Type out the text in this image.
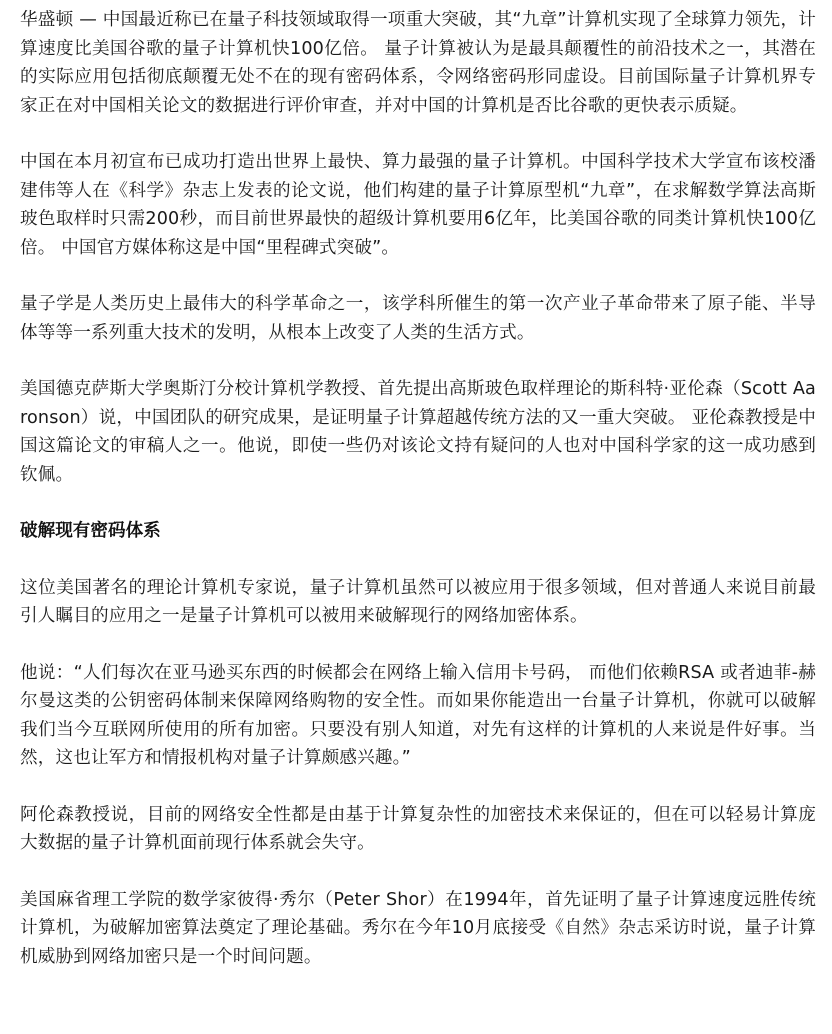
华盛顿 — 中国最近称已在量子科技领域取得一项重大突破，其“九章”计算机实现了全球算力领先，计算速度比美国谷歌的量子计算机快100亿倍。 量子计算被认为是最具颠覆性的前沿技术之一，其潜在的实际应用包括彻底颠覆无处不在的现有密码体系，令网络密码形同虚设。目前国际量子计算机界专家正在对中国相关论文的数据进行评价审查，并对中国的计算机是否比谷歌的更快表示质疑。

中国在本月初宣布已成功打造出世界上最快、算力最强的量子计算机。中国科学技术大学宣布该校潘建伟等人在《科学》杂志上发表的论文说，他们构建的量子计算原型机“九章”，在求解数学算法高斯玻色取样时只需200秒，而目前世界最快的超级计算机要用6亿年，比美国谷歌的同类计算机快100亿倍。 中国官方媒体称这是中国“里程碑式突破”。

量子学是人类历史上最伟大的科学革命之一，该学科所催生的第一次产业子革命带来了原子能、半导体等等一系列重大技术的发明，从根本上改变了人类的生活方式。

美国德克萨斯大学奥斯汀分校计算机学教授、首先提出高斯玻色取样理论的斯科特·亚伦森（Scott Aaronson）说，中国团队的研究成果，是证明量子计算超越传统方法的又一重大突破。 亚伦森教授是中国这篇论文的审稿人之一。他说，即使一些仍对该论文持有疑问的人也对中国科学家的这一成功感到钦佩。

破解现有密码体系

这位美国著名的理论计算机专家说，量子计算机虽然可以被应用于很多领域，但对普通人来说目前最引人瞩目的应用之一是量子计算机可以被用来破解现行的网络加密体系。

他说：“人们每次在亚马逊买东西的时候都会在网络上输入信用卡号码， 而他们依赖RSA 或者迪菲-赫尔曼这类的公钥密码体制来保障网络购物的安全性。而如果你能造出一台量子计算机，你就可以破解我们当今互联网所使用的所有加密。只要没有别人知道，对先有这样的计算机的人来说是件好事。当然，这也让军方和情报机构对量子计算颇感兴趣。”

阿伦森教授说，目前的网络安全性都是由基于计算复杂性的加密技术来保证的，但在可以轻易计算庞大数据的量子计算机面前现行体系就会失守。

美国麻省理工学院的数学家彼得·秀尔（Peter Shor）在1994年，首先证明了量子计算速度远胜传统计算机，为破解加密算法奠定了理论基础。秀尔在今年10月底接受《自然》杂志采访时说，量子计算机威胁到网络加密只是一个时间问题。
